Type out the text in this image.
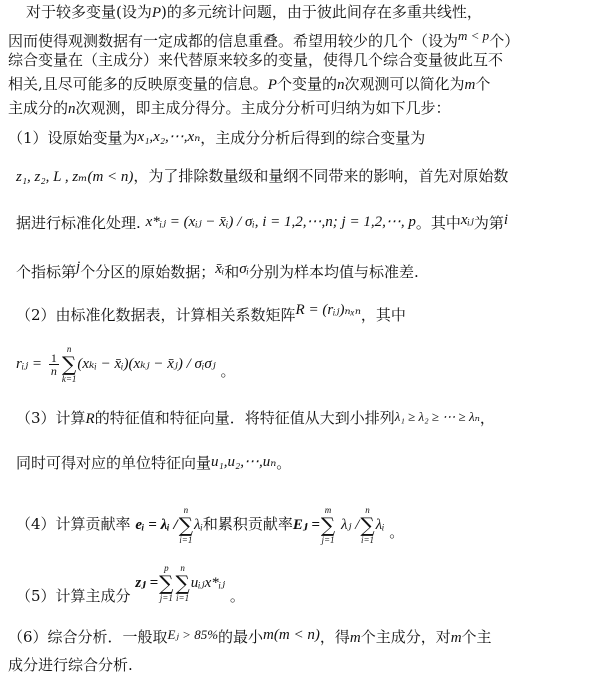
对于较多变量(设为P)的多元统计问题，由于彼此间存在多重共线性，
因而使得观测数据有一定成都的信息重叠。希望用较少的几个（设为m < p个）
综合变量在（主成分）来代替原来较多的变量，使得几个综合变量彼此互不
相关,且尽可能多的反映原变量的信息。P个变量的n次观测可以简化为m个
主成分的n次观测，即主成分得分。主成分分析可归纳为如下几步：
（1）设原始变量为x₁,x₂,⋯,xₙ，主成分分析后得到的综合变量为
z₁, z₂, L , zₘ(m < n)，为了排除数量级和量纲不同带来的影响，首先对原始数
据进行标准化处理. x*ᵢⱼ = (xᵢⱼ − x̄ᵢ) / σᵢ, i = 1,2,⋯,n; j = 1,2,⋯, p。其中xᵢⱼ为第i
个指标第j个分区的原始数据；x̄ᵢ和σᵢ分别为样本均值与标准差.
（2）由标准化数据表，计算相关系数矩阵R = (rᵢⱼ)ₙₓₙ，其中
rᵢⱼ = $\frac{1}{n}$
n
∑
k=1
(xₖᵢ − x̄ᵢ)(xₖⱼ − x̄ⱼ) / σᵢσⱼ 。
（3）计算R的特征值和特征向量．将特征值从大到小排列λ₁ ≥ λ₂ ≥ ⋯ ≥ λₙ，
同时可得对应的单位特征向量u₁,u₂,⋯,uₙ。
（4）计算贡献率 eᵢ = λᵢ /
n
∑
i=1
λᵢ和累积贡献率Eⱼ =
m
∑
j=1
λⱼ /
n
∑
i=1
λᵢ 。
（5）计算主成分 zⱼ =
p
∑
j=1
n
∑
i=1
uᵢⱼx*ᵢⱼ 。
（6）综合分析．一般取Eⱼ > 85%的最小m(m < n)，得m个主成分，对m个主
成分进行综合分析.
